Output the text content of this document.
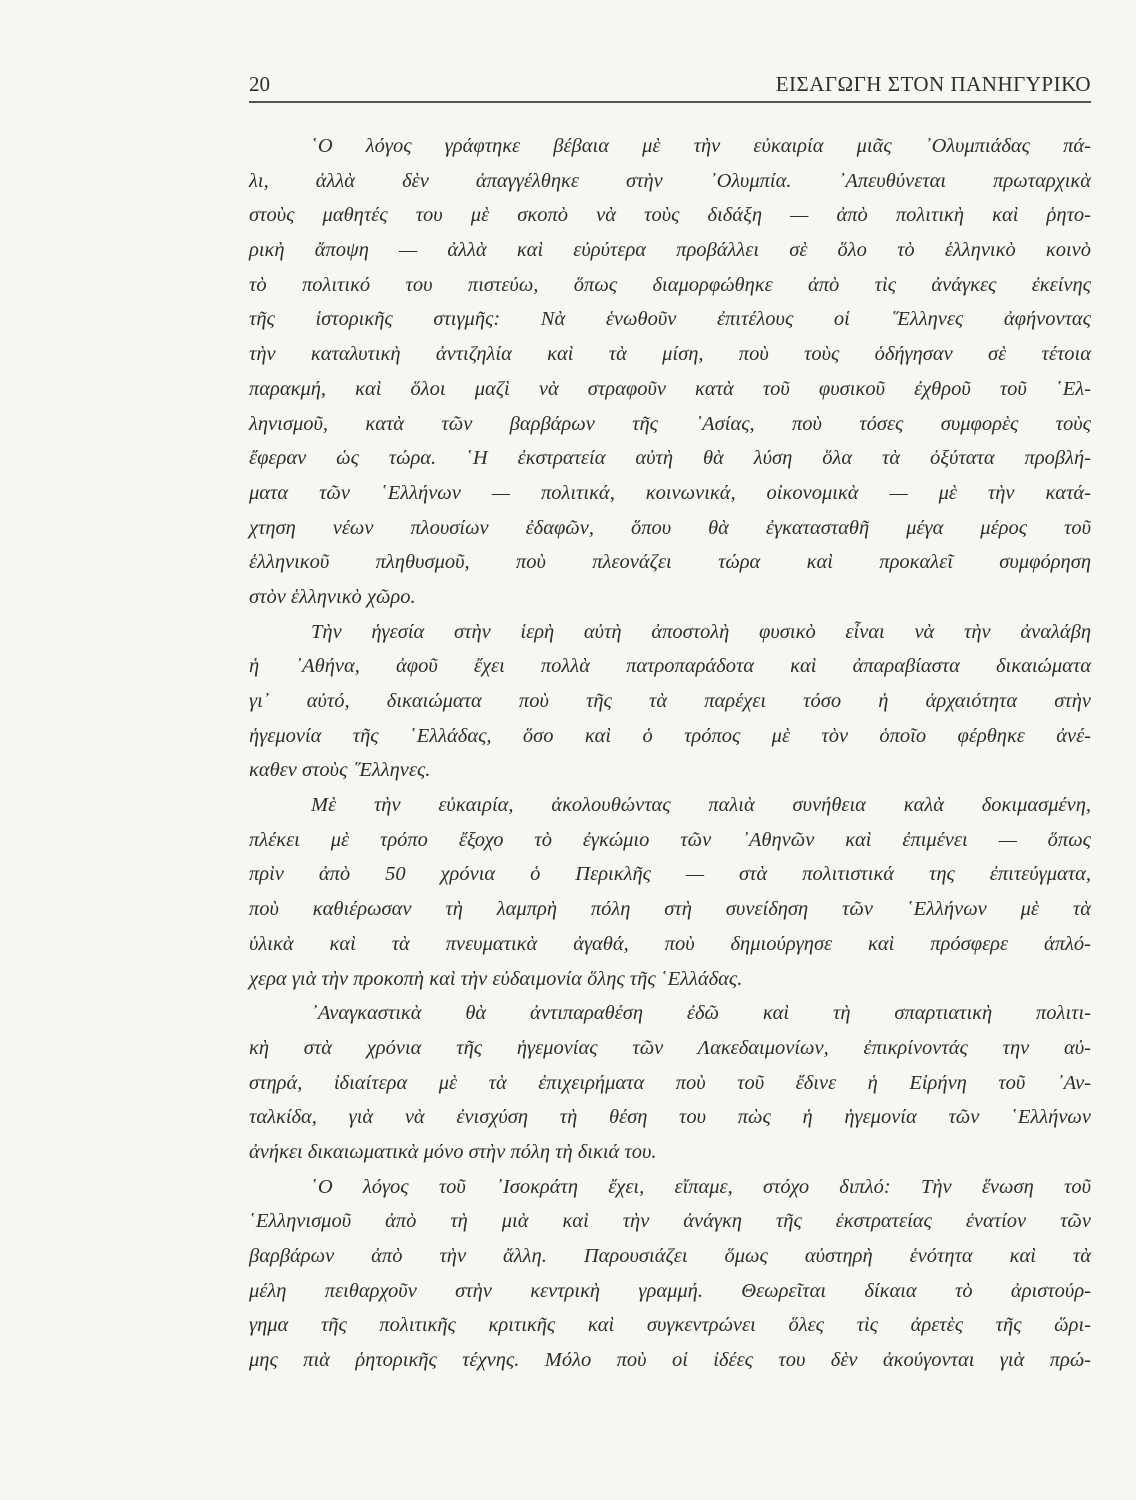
20	ΕΙΣΑΓΩΓΗ ΣΤΟΝ ΠΑΝΗΓΥΡΙΚΟ
῾Ο λόγος γράφτηκε βέβαια μὲ τὴν εὐκαιρία μιᾶς ᾿Ολυμπιάδας πά-
λι, ἀλλὰ δὲν ἀπαγγέλθηκε στὴν ᾿Ολυμπία. ᾿Απευθύνεται πρωταρχικὰ
στοὺς μαθητές του μὲ σκοπὸ νὰ τοὺς διδάξη — ἀπὸ πολιτικὴ καὶ ῥητο-
ρικὴ ἄποψη — ἀλλὰ καὶ εὐρύτερα προβάλλει σὲ ὅλο τὸ ἑλληνικὸ κοινὸ
τὸ πολιτικό του πιστεύω, ὅπως διαμορφώθηκε ἀπὸ τὶς ἀνάγκες ἐκείνης
τῆς ἱστορικῆς στιγμῆς: Νὰ ἑνωθοῦν ἐπιτέλους οἱ ῞Ελληνες ἀφήνοντας
τὴν καταλυτικὴ ἀντιζηλία καὶ τὰ μίση, ποὺ τοὺς ὁδήγησαν σὲ τέτοια
παρακμή, καὶ ὅλοι μαζὶ νὰ στραφοῦν κατὰ τοῦ φυσικοῦ ἐχθροῦ τοῦ ῾Ελ-
ληνισμοῦ, κατὰ τῶν βαρβάρων τῆς ᾿Ασίας, ποὺ τόσες συμφορὲς τοὺς
ἔφεραν ὡς τώρα. ῾Η ἐκστρατεία αὐτὴ θὰ λύση ὅλα τὰ ὀξύτατα προβλή-
ματα τῶν ῾Ελλήνων — πολιτικά, κοινωνικά, οἰκονομικὰ — μὲ τὴν κατά-
χτηση νέων πλουσίων ἐδαφῶν, ὅπου θὰ ἐγκατασταθῆ μέγα μέρος τοῦ
ἑλληνικοῦ πληθυσμοῦ, ποὺ πλεονάζει τώρα καὶ προκαλεῖ συμφόρηση
στὸν ἑλληνικὸ χῶρο.
Τὴν ἡγεσία στὴν ἱερὴ αὐτὴ ἀποστολὴ φυσικὸ εἶναι νὰ τὴν ἀναλάβη
ἡ ᾿Αθήνα, ἀφοῦ ἔχει πολλὰ πατροπαράδοτα καὶ ἀπαραβίαστα δικαιώματα
γι᾿ αὐτό, δικαιώματα ποὺ τῆς τὰ παρέχει τόσο ἡ ἀρχαιότητα στὴν
ἡγεμονία τῆς ῾Ελλάδας, ὅσο καὶ ὁ τρόπος μὲ τὸν ὁποῖο φέρθηκε ἀνέ-
καθεν στοὺς ῞Ελληνες.
Μὲ τὴν εὐκαιρία, ἀκολουθώντας παλιὰ συνήθεια καλὰ δοκιμασμένη,
πλέκει μὲ τρόπο ἔξοχο τὸ ἐγκώμιο τῶν ᾿Αθηνῶν καὶ ἐπιμένει — ὅπως
πρὶν ἀπὸ 50 χρόνια ὁ Περικλῆς — στὰ πολιτιστικά της ἐπιτεύγματα,
ποὺ καθιέρωσαν τὴ λαμπρὴ πόλη στὴ συνείδηση τῶν ῾Ελλήνων μὲ τὰ
ὑλικὰ καὶ τὰ πνευματικὰ ἀγαθά, ποὺ δημιούργησε καὶ πρόσφερε ἁπλό-
χερα γιὰ τὴν προκοπὴ καὶ τὴν εὐδαιμονία ὅλης τῆς ῾Ελλάδας.
᾿Αναγκαστικὰ θὰ ἀντιπαραθέση ἐδῶ καὶ τὴ σπαρτιατικὴ πολιτι-
κὴ στὰ χρόνια τῆς ἡγεμονίας τῶν Λακεδαιμονίων, ἐπικρίνοντάς την αὐ-
στηρά, ἰδιαίτερα μὲ τὰ ἐπιχειρήματα ποὺ τοῦ ἔδινε ἡ Εἰρήνη τοῦ ᾿Αν-
ταλκίδα, γιὰ νὰ ἐνισχύση τὴ θέση του πὼς ἡ ἡγεμονία τῶν ῾Ελλήνων
ἀνήκει δικαιωματικὰ μόνο στὴν πόλη τὴ δικιά του.
῾Ο λόγος τοῦ ᾿Ισοκράτη ἔχει, εἴπαμε, στόχο διπλό: Τὴν ἕνωση τοῦ
῾Ελληνισμοῦ ἀπὸ τὴ μιὰ καὶ τὴν ἀνάγκη τῆς ἐκστρατείας ἐνατίον τῶν
βαρβάρων ἀπὸ τὴν ἄλλη. Παρουσιάζει ὅμως αὐστηρὴ ἑνότητα καὶ τὰ
μέλη πειθαρχοῦν στὴν κεντρικὴ γραμμή. Θεωρεῖται δίκαια τὸ ἀριστούρ-
γημα τῆς πολιτικῆς κριτικῆς καὶ συγκεντρώνει ὅλες τὶς ἀρετὲς τῆς ὥρι-
μης πιὰ ῥητορικῆς τέχνης. Μόλο ποὺ οἱ ἰδέες του δὲν ἀκούγονται γιὰ πρώ-
